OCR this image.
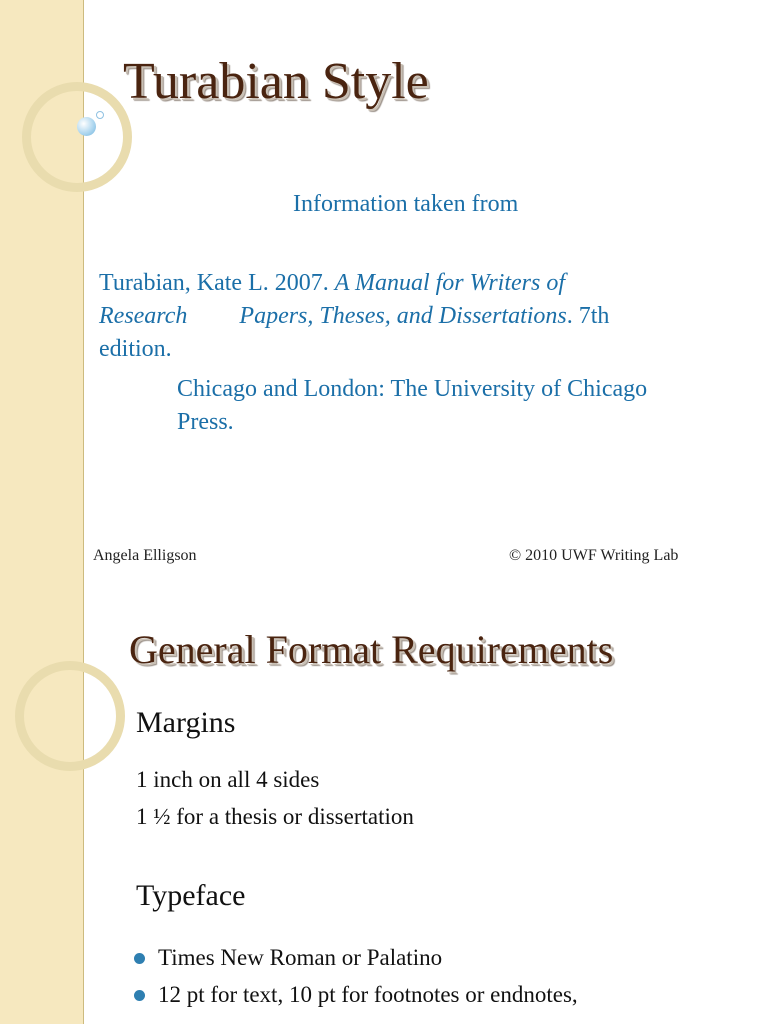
Turabian Style
Information taken from
Turabian, Kate L. 2007. A Manual for Writers of
Research Papers, Theses, and Dissertations. 7th
edition.
Chicago and London: The University of Chicago
Press.
Angela Elligson	© 2010 UWF Writing Lab
General Format Requirements
Margins
1 inch on all 4 sides
1 ½ for a thesis or dissertation
Typeface
Times New Roman or Palatino
12 pt for text, 10 pt for footnotes or endnotes,
